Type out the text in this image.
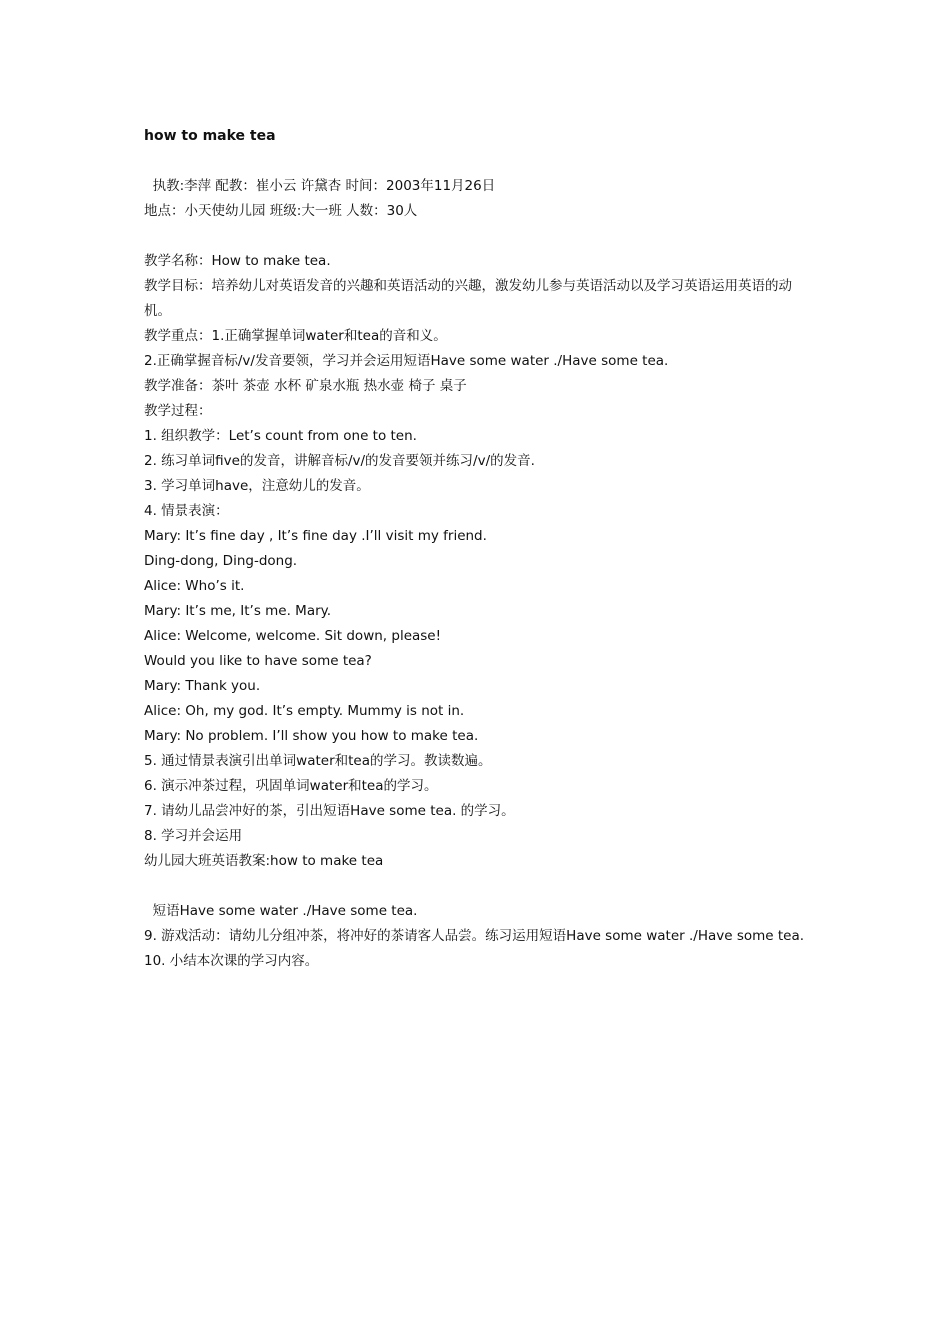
how to make tea

执教:李萍 配教：崔小云 许黛杏 时间：2003年11月26日

地点：小天使幼儿园 班级:大一班 人数：30人

教学名称：How to make tea.

教学目标：培养幼儿对英语发音的兴趣和英语活动的兴趣，激发幼儿参与英语活动以及学习英语运用英语的动机。

教学重点：1.正确掌握单词water和tea的音和义。

2.正确掌握音标/v/发音要领，学习并会运用短语Have some water ./Have some tea.

教学准备：茶叶 茶壶 水杯 矿泉水瓶 热水壶 椅子 桌子

教学过程：

1. 组织教学：Let’s count from one to ten.

2. 练习单词five的发音，讲解音标/v/的发音要领并练习/v/的发音.

3. 学习单词have，注意幼儿的发音。

4. 情景表演：

Mary: It’s fine day , It’s fine day .I’ll visit my friend.

Ding-dong, Ding-dong.

Alice: Who’s it.

Mary: It’s me, It’s me. Mary.

Alice: Welcome, welcome. Sit down, please!

Would you like to have some tea?

Mary: Thank you.

Alice: Oh, my god. It’s empty. Mummy is not in.

Mary: No problem. I’ll show you how to make tea.

5. 通过情景表演引出单词water和tea的学习。教读数遍。

6. 演示冲茶过程，巩固单词water和tea的学习。

7. 请幼儿品尝冲好的茶，引出短语Have some tea. 的学习。

8. 学习并会运用

幼儿园大班英语教案:how to make tea

短语Have some water ./Have some tea.

9. 游戏活动：请幼儿分组冲茶，将冲好的茶请客人品尝。练习运用短语Have some water ./Have some tea.

10. 小结本次课的学习内容。
